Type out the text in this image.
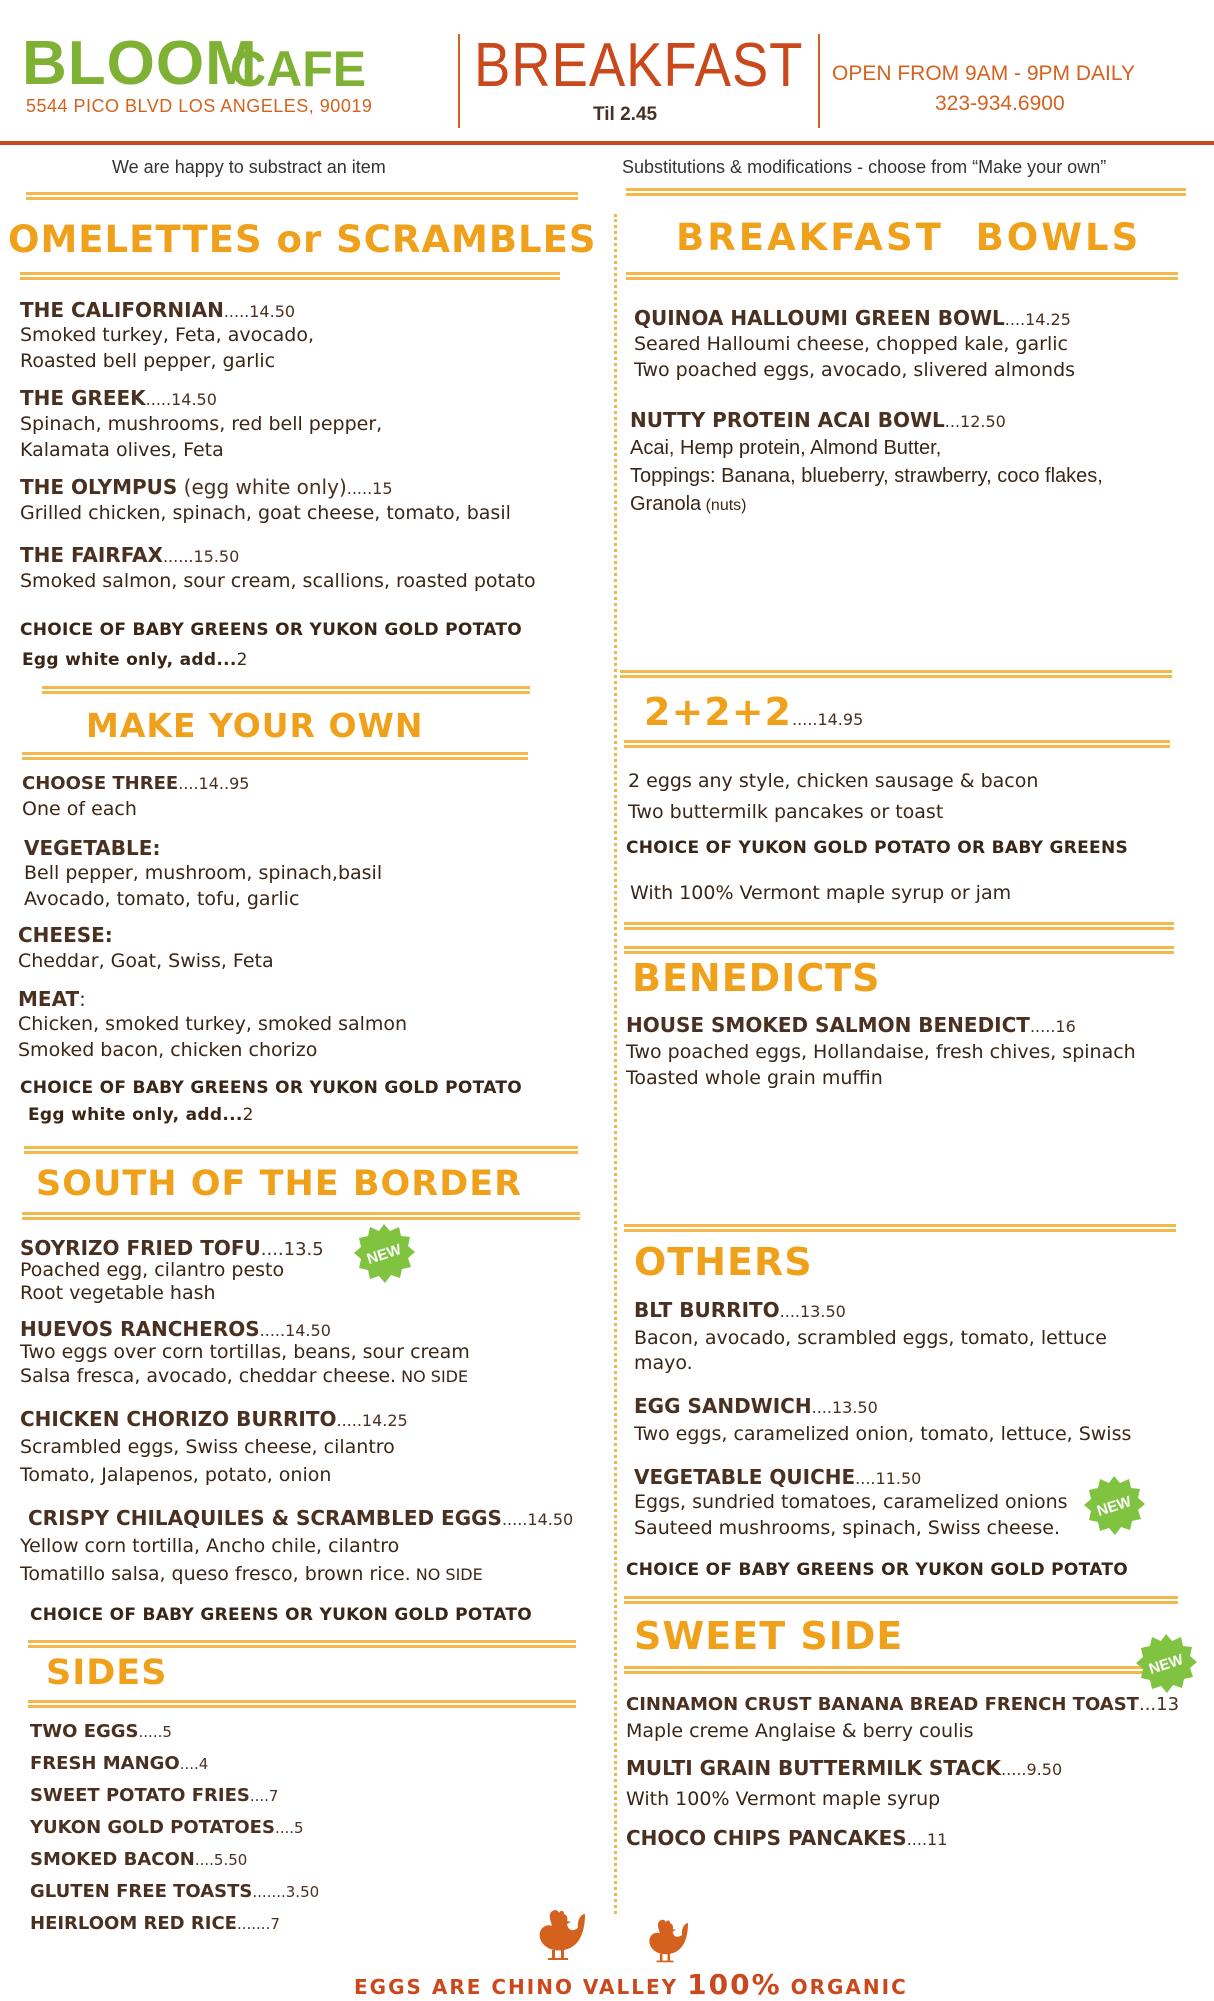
BLOOM
CAFE
5544 PICO BLVD LOS ANGELES, 90019
BREAKFAST
Til 2.45
OPEN FROM 9AM - 9PM DAILY
323-934.6900
We are happy to substract an item	Substitutions & modifications - choose from “Make your own”
OMELETTES or SCRAMBLES
THE CALIFORNIAN.....14.50
Smoked turkey, Feta, avocado,
Roasted bell pepper, garlic
THE GREEK.....14.50
Spinach, mushrooms, red bell pepper,
Kalamata olives, Feta
THE OLYMPUS (egg white only).....15
Grilled chicken, spinach, goat cheese, tomato, basil
THE FAIRFAX......15.50
Smoked salmon, sour cream, scallions, roasted potato
CHOICE OF BABY GREENS OR YUKON GOLD POTATO
Egg white only, add...2
MAKE YOUR OWN
CHOOSE THREE....14..95
One of each
VEGETABLE:
Bell pepper, mushroom, spinach,basil
Avocado, tomato, tofu, garlic
CHEESE:
Cheddar, Goat, Swiss, Feta
MEAT:
Chicken, smoked turkey, smoked salmon
Smoked bacon, chicken chorizo
CHOICE OF BABY GREENS OR YUKON GOLD POTATO
Egg white only, add...2
SOUTH OF THE BORDER
SOYRIZO FRIED TOFU....13.5
Poached egg, cilantro pesto
Root vegetable hash
NEW
HUEVOS RANCHEROS.....14.50
Two eggs over corn tortillas, beans, sour cream
Salsa fresca, avocado, cheddar cheese. NO SIDE
CHICKEN CHORIZO BURRITO.....14.25
Scrambled eggs, Swiss cheese, cilantro
Tomato, Jalapenos, potato, onion
CRISPY CHILAQUILES & SCRAMBLED EGGS.....14.50
Yellow corn tortilla, Ancho chile, cilantro
Tomatillo salsa, queso fresco, brown rice. NO SIDE
CHOICE OF BABY GREENS OR YUKON GOLD POTATO
SIDES
TWO EGGS.....5
FRESH MANGO....4
SWEET POTATO FRIES....7
YUKON GOLD POTATOES....5
SMOKED BACON....5.50
GLUTEN FREE TOASTS.......3.50
HEIRLOOM RED RICE.......7
BREAKFAST  BOWLS
QUINOA HALLOUMI GREEN BOWL....14.25
Seared Halloumi cheese, chopped kale, garlic
Two poached eggs, avocado, slivered almonds
NUTTY PROTEIN ACAI BOWL...12.50
Acai, Hemp protein, Almond Butter,
Toppings: Banana, blueberry, strawberry, coco flakes,
Granola (nuts)
2+2+2.....14.95
2 eggs any style, chicken sausage & bacon
Two buttermilk pancakes or toast
CHOICE OF YUKON GOLD POTATO OR BABY GREENS
With 100% Vermont maple syrup or jam
BENEDICTS
HOUSE SMOKED SALMON BENEDICT.....16
Two poached eggs, Hollandaise, fresh chives, spinach
Toasted whole grain muffin
OTHERS
BLT BURRITO....13.50
Bacon, avocado, scrambled eggs, tomato, lettuce
mayo.
EGG SANDWICH....13.50
Two eggs, caramelized onion, tomato, lettuce, Swiss
VEGETABLE QUICHE....11.50
Eggs, sundried tomatoes, caramelized onions
Sauteed mushrooms, spinach, Swiss cheese.
NEW
CHOICE OF BABY GREENS OR YUKON GOLD POTATO
SWEET SIDE
NEW
CINNAMON CRUST BANANA BREAD FRENCH TOAST...13
Maple creme Anglaise & berry coulis
MULTI GRAIN BUTTERMILK STACK.....9.50
With 100% Vermont maple syrup
CHOCO CHIPS PANCAKES....11
EGGS ARE CHINO VALLEY 100% ORGANIC
